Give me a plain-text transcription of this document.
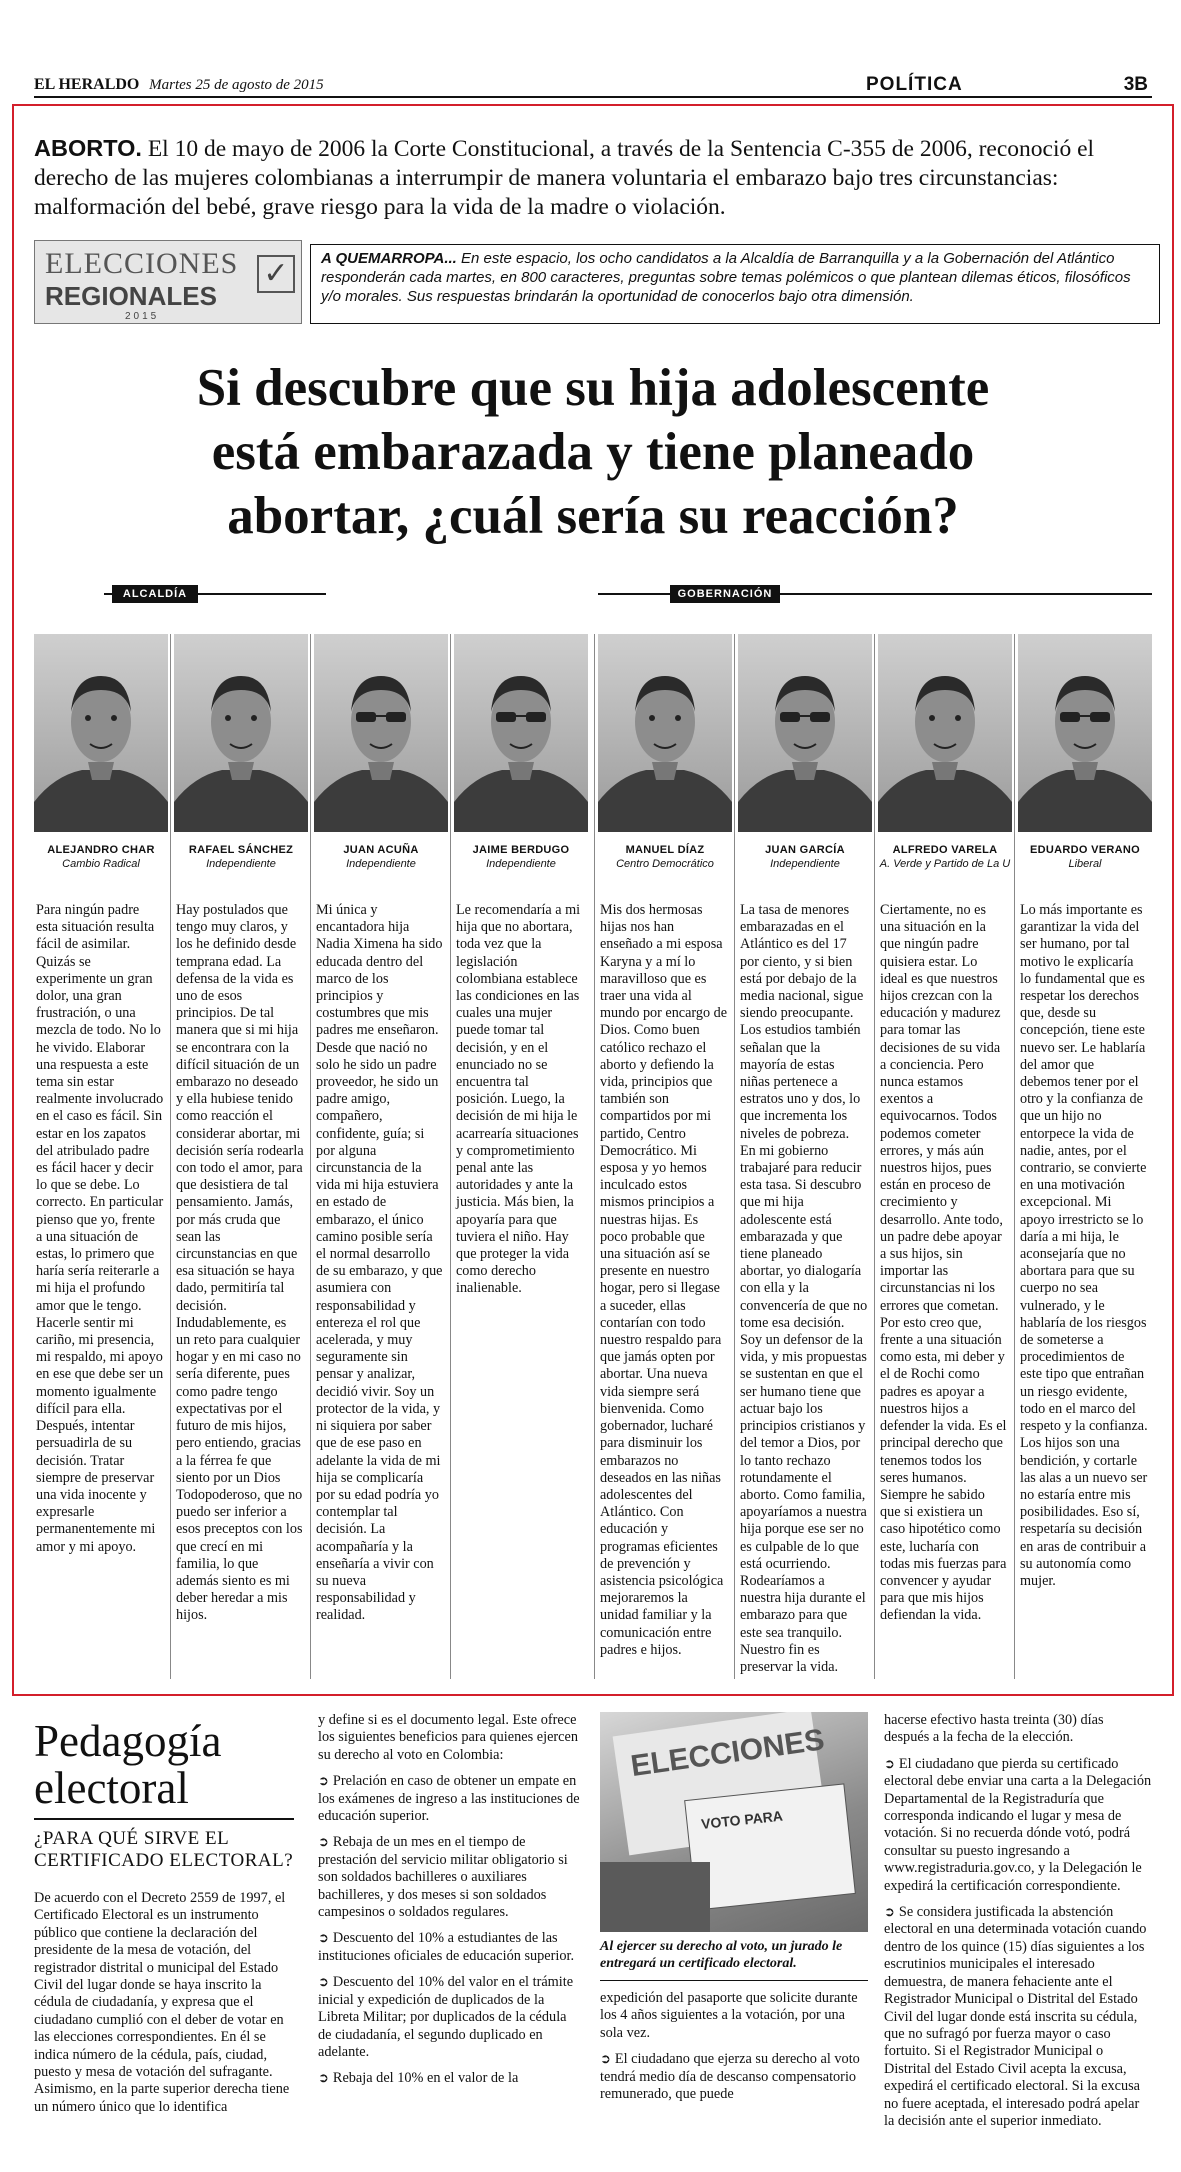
EL HERALDO Martes 25 de agosto de 2015	POLÍTICA	3B
ABORTO. El 10 de mayo de 2006 la Corte Constitucional, a través de la Sentencia C-355 de 2006, reconoció el derecho de las mujeres colombianas a interrumpir de manera voluntaria el embarazo bajo tres circunstancias: malformación del bebé, grave riesgo para la vida de la madre o violación.
ELECCIONES
REGIONALES
2015
✓	A QUEMARROPA... En este espacio, los ocho candidatos a la Alcaldía de Barranquilla y a la Gobernación del Atlántico responderán cada martes, en 800 caracteres, preguntas sobre temas polémicos o que plantean dilemas éticos, filosóficos y/o morales. Sus respuestas brindarán la oportunidad de conocerlos bajo otra dimensión.
Si descubre que su hija adolescente
está embarazada y tiene planeado
abortar, ¿cuál sería su reacción?
ALCALDÍA	GOBERNACIÓN
ALEJANDRO CHAR
Cambio Radical
Para ningún padre esta situación resulta fácil de asimilar. Quizás se experimente un gran dolor, una gran frustración, o una mezcla de todo. No lo he vivido. Elaborar una respuesta a este tema sin estar realmente involucrado en el caso es fácil. Sin estar en los zapatos del atribulado padre es fácil hacer y decir lo que se debe. Lo correcto. En particular pienso que yo, frente a una situación de estas, lo primero que haría sería reiterarle a mi hija el profundo amor que le tengo. Hacerle sentir mi cariño, mi presencia, mi respaldo, mi apoyo en ese que debe ser un momento igualmente difícil para ella. Después, intentar persuadirla de su decisión. Tratar siempre de preservar una vida inocente y expresarle permanentemente mi amor y mi apoyo.
RAFAEL SÁNCHEZ
Independiente
Hay postulados que tengo muy claros, y los he definido desde temprana edad. La defensa de la vida es uno de esos principios. De tal manera que si mi hija se encontrara con la difícil situación de un embarazo no deseado y ella hubiese tenido como reacción el considerar abortar, mi decisión sería rodearla con todo el amor, para que desistiera de tal pensamiento. Jamás, por más cruda que sean las circunstancias en que esa situación se haya dado, permitiría tal decisión. Indudablemente, es un reto para cualquier hogar y en mi caso no sería diferente, pues como padre tengo expectativas por el futuro de mis hijos, pero entiendo, gracias a la férrea fe que siento por un Dios Todopoderoso, que no puedo ser inferior a esos preceptos con los que crecí en mi familia, lo que además siento es mi deber heredar a mis hijos.
JUAN ACUÑA
Independiente
Mi única y encantadora hija Nadia Ximena ha sido educada dentro del marco de los principios y costumbres que mis padres me enseñaron. Desde que nació no solo he sido un padre proveedor, he sido un padre amigo, compañero, confidente, guía; si por alguna circunstancia de la vida mi hija estuviera en estado de embarazo, el único camino posible sería el normal desarrollo de su embarazo, y que asumiera con responsabilidad y entereza el rol que acelerada, y muy seguramente sin pensar y analizar, decidió vivir. Soy un protector de la vida, y ni siquiera por saber que de ese paso en adelante la vida de mi hija se complicaría por su edad podría yo contemplar tal decisión. La acompañaría y la enseñaría a vivir con su nueva responsabilidad y realidad.
JAIME BERDUGO
Independiente
Le recomendaría a mi hija que no abortara, toda vez que la legislación colombiana establece las condiciones en las cuales una mujer puede tomar tal decisión, y en el enunciado no se encuentra tal posición. Luego, la decisión de mi hija le acarrearía situaciones y comprometimiento penal ante las autoridades y ante la justicia. Más bien, la apoyaría para que tuviera el niño. Hay que proteger la vida como derecho inalienable.
MANUEL DÍAZ
Centro Democrático
Mis dos hermosas hijas nos han enseñado a mi esposa Karyna y a mí lo maravilloso que es traer una vida al mundo por encargo de Dios. Como buen católico rechazo el aborto y defiendo la vida, principios que también son compartidos por mi partido, Centro Democrático. Mi esposa y yo hemos inculcado estos mismos principios a nuestras hijas. Es poco probable que una situación así se presente en nuestro hogar, pero si llegase a suceder, ellas contarían con todo nuestro respaldo para que jamás opten por abortar. Una nueva vida siempre será bienvenida. Como gobernador, lucharé para disminuir los embarazos no deseados en las niñas adolescentes del Atlántico. Con educación y programas eficientes de prevención y asistencia psicológica mejoraremos la unidad familiar y la comunicación entre padres e hijos.
JUAN GARCÍA
Independiente
La tasa de menores embarazadas en el Atlántico es del 17 por ciento, y si bien está por debajo de la media nacional, sigue siendo preocupante. Los estudios también señalan que la mayoría de estas niñas pertenece a estratos uno y dos, lo que incrementa los niveles de pobreza. En mi gobierno trabajaré para reducir esta tasa. Si descubro que mi hija adolescente está embarazada y que tiene planeado abortar, yo dialogaría con ella y la convencería de que no tome esa decisión. Soy un defensor de la vida, y mis propuestas se sustentan en que el ser humano tiene que actuar bajo los principios cristianos y del temor a Dios, por lo tanto rechazo rotundamente el aborto. Como familia, apoyaríamos a nuestra hija porque ese ser no es culpable de lo que está ocurriendo. Rodearíamos a nuestra hija durante el embarazo para que este sea tranquilo. Nuestro fin es preservar la vida.
ALFREDO VARELA
A. Verde y Partido de La U
Ciertamente, no es una situación en la que ningún padre quisiera estar. Lo ideal es que nuestros hijos crezcan con la educación y madurez para tomar las decisiones de su vida a conciencia. Pero nunca estamos exentos a equivocarnos. Todos podemos cometer errores, y más aún nuestros hijos, pues están en proceso de crecimiento y desarrollo. Ante todo, un padre debe apoyar a sus hijos, sin importar las circunstancias ni los errores que cometan. Por esto creo que, frente a una situación como esta, mi deber y el de Rochi como padres es apoyar a nuestros hijos a defender la vida. Es el principal derecho que tenemos todos los seres humanos. Siempre he sabido que si existiera un caso hipotético como este, lucharía con todas mis fuerzas para convencer y ayudar para que mis hijos defiendan la vida.
EDUARDO VERANO
Liberal
Lo más importante es garantizar la vida del ser humano, por tal motivo le explicaría lo fundamental que es respetar los derechos que, desde su concepción, tiene este nuevo ser. Le hablaría del amor que debemos tener por el otro y la confianza de que un hijo no entorpece la vida de nadie, antes, por el contrario, se convierte en una motivación excepcional. Mi apoyo irrestricto se lo daría a mi hija, le aconsejaría que no abortara para que su cuerpo no sea vulnerado, y le hablaría de los riesgos de someterse a procedimientos de este tipo que entrañan un riesgo evidente, todo en el marco del respeto y la confianza. Los hijos son una bendición, y cortarle las alas a un nuevo ser no estaría entre mis posibilidades. Eso sí, respetaría su decisión en aras de contribuir a su autonomía como mujer.
Pedagogía
electoral
¿PARA QUÉ SIRVE EL CERTIFICADO ELECTORAL?

De acuerdo con el Decreto 2559 de 1997, el Certificado Electoral es un instrumento público que contiene la declaración del presidente de la mesa de votación, del registrador distrital o municipal del Estado Civil del lugar donde se haya inscrito la cédula de ciudadanía, y expresa que el ciudadano cumplió con el deber de votar en las elecciones correspondientes. En él se indica número de la cédula, país, ciudad, puesto y mesa de votación del sufragante. Asimismo, en la parte superior derecha tiene un número único que lo identifica

y define si es el documento legal. Este ofrece los siguientes beneficios para quienes ejercen su derecho al voto en Colombia:

➲ Prelación en caso de obtener un empate en los exámenes de ingreso a las instituciones de educación superior.

➲ Rebaja de un mes en el tiempo de prestación del servicio militar obligatorio si son soldados bachilleres o auxiliares bachilleres, y dos meses si son soldados campesinos o soldados regulares.

➲ Descuento del 10% a estudiantes de las instituciones oficiales de educación superior.

➲ Descuento del 10% del valor en el trámite inicial y expedición de duplicados de la Libreta Militar; por duplicados de la cédula de ciudadanía, el segundo duplicado en adelante.

➲ Rebaja del 10% en el valor de la

ELECCIONES
VOTO PARA
Al ejercer su derecho al voto, un jurado le entregará un certificado electoral.

expedición del pasaporte que solicite durante los 4 años siguientes a la votación, por una sola vez.

➲ El ciudadano que ejerza su derecho al voto tendrá medio día de descanso compensatorio remunerado, que puede

hacerse efectivo hasta treinta (30) días después a la fecha de la elección.

➲ El ciudadano que pierda su certificado electoral debe enviar una carta a la Delegación Departamental de la Registraduría que corresponda indicando el lugar y mesa de votación. Si no recuerda dónde votó, podrá consultar su puesto ingresando a www.registraduria.gov.co, y la Delegación le expedirá la certificación correspondiente.

➲ Se considera justificada la abstención electoral en una determinada votación cuando dentro de los quince (15) días siguientes a los escrutinios municipales el interesado demuestra, de manera fehaciente ante el Registrador Municipal o Distrital del Estado Civil del lugar donde está inscrita su cédula, que no sufragó por fuerza mayor o caso fortuito. Si el Registrador Municipal o Distrital del Estado Civil acepta la excusa, expedirá el certificado electoral. Si la excusa no fuere aceptada, el interesado podrá apelar la decisión ante el superior inmediato.
